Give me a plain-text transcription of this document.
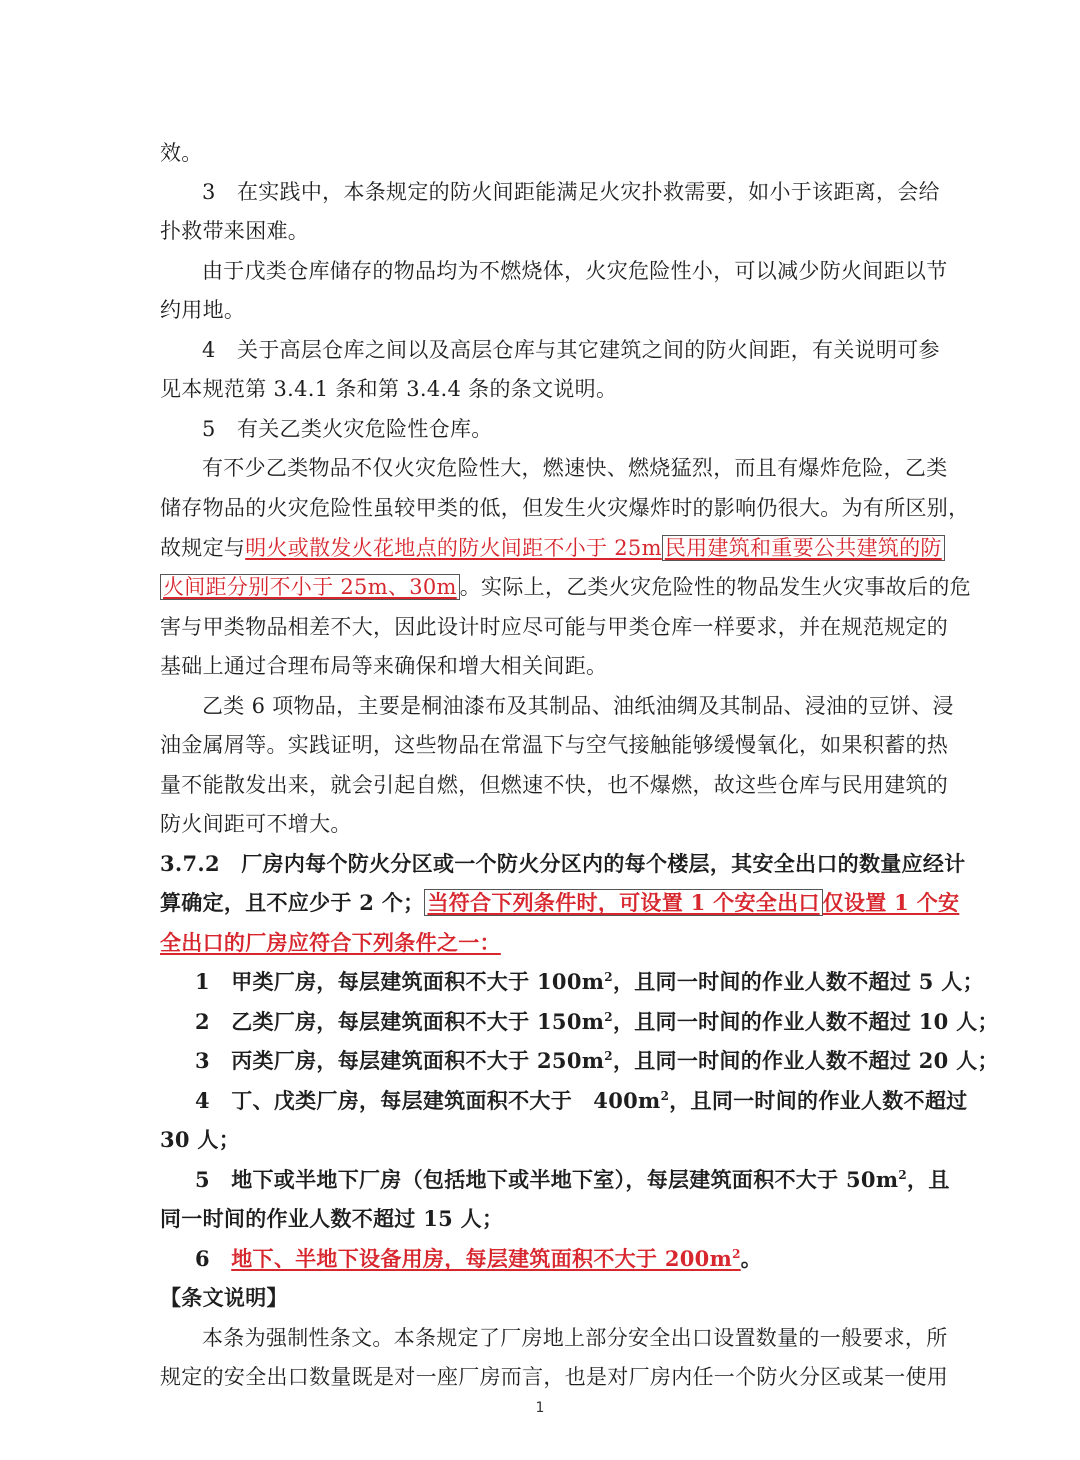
效。
3　在实践中，本条规定的防火间距能满足火灾扑救需要，如小于该距离，会给
扑救带来困难。
由于戊类仓库储存的物品均为不燃烧体，火灾危险性小，可以减少防火间距以节
约用地。
4　关于高层仓库之间以及高层仓库与其它建筑之间的防火间距，有关说明可参
见本规范第 3.4.1 条和第 3.4.4 条的条文说明。
5　有关乙类火灾危险性仓库。
有不少乙类物品不仅火灾危险性大，燃速快、燃烧猛烈，而且有爆炸危险，乙类
储存物品的火灾危险性虽较甲类的低，但发生火灾爆炸时的影响仍很大。为有所区别，
故规定与明火或散发火花地点的防火间距不小于 25m 民用建筑和重要公共建筑的防
火间距分别不小于 25m、30m 。实际上，乙类火灾危险性的物品发生火灾事故后的危
害与甲类物品相差不大，因此设计时应尽可能与甲类仓库一样要求，并在规范规定的
基础上通过合理布局等来确保和增大相关间距。
乙类 6 项物品，主要是桐油漆布及其制品、油纸油绸及其制品、浸油的豆饼、浸
油金属屑等。实践证明，这些物品在常温下与空气接触能够缓慢氧化，如果积蓄的热
量不能散发出来，就会引起自燃，但燃速不快，也不爆燃，故这些仓库与民用建筑的
防火间距可不增大。
3.7.2　厂房内每个防火分区或一个防火分区内的每个楼层，其安全出口的数量应经计
算确定，且不应少于 2 个； 当符合下列条件时，可设置 1 个安全出口 仅设置 1 个安
全出口的厂房应符合下列条件之一：
1　甲类厂房，每层建筑面积不大于 $100m^2$，且同一时间的作业人数不超过 5 人；
2　乙类厂房，每层建筑面积不大于 $150m^2$，且同一时间的作业人数不超过 10 人；
3　丙类厂房，每层建筑面积不大于 $250m^2$，且同一时间的作业人数不超过 20 人；
4　丁、戊类厂房，每层建筑面积不大于　$400m^2$，且同一时间的作业人数不超过
30 人；
5　地下或半地下厂房（包括地下或半地下室），每层建筑面积不大于 $50m^2$，且
同一时间的作业人数不超过 15 人；
6　地下、半地下设备用房，每层建筑面积不大于 $200m^2$。
【条文说明】
本条为强制性条文。本条规定了厂房地上部分安全出口设置数量的一般要求，所
规定的安全出口数量既是对一座厂房而言，也是对厂房内任一个防火分区或某一使用
1
